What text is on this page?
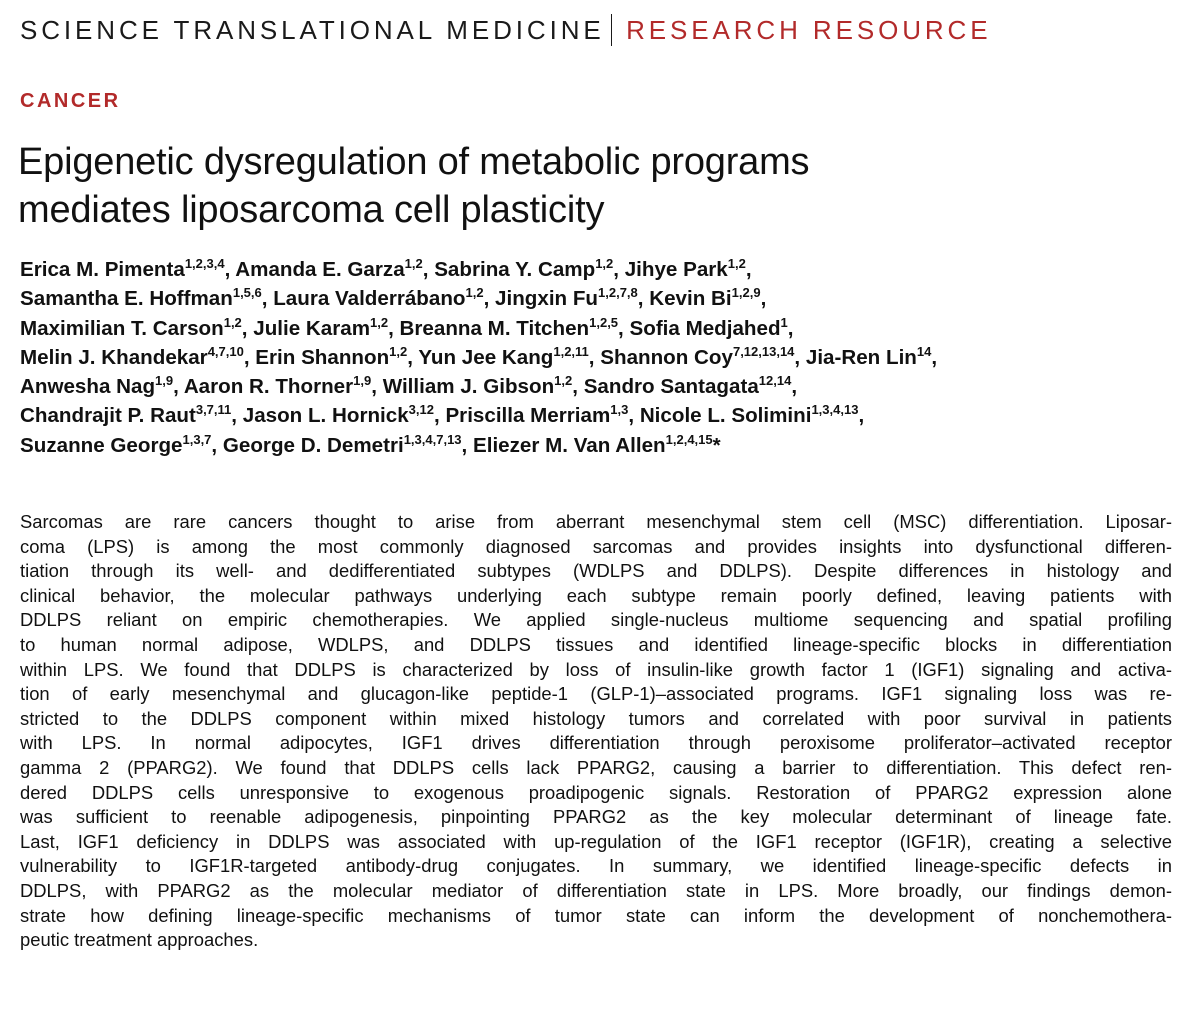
SCIENCE TRANSLATIONAL MEDICINE RESEARCH RESOURCE
CANCER
Epigenetic dysregulation of metabolic programs
mediates liposarcoma cell plasticity
Erica M. Pimenta$^{1,2,3,4}$, Amanda E. Garza$^{1,2}$, Sabrina Y. Camp$^{1,2}$, Jihye Park$^{1,2}$,
Samantha E. Hoffman$^{1,5,6}$, Laura Valderrábano$^{1,2}$, Jingxin Fu$^{1,2,7,8}$, Kevin Bi$^{1,2,9}$,
Maximilian T. Carson$^{1,2}$, Julie Karam$^{1,2}$, Breanna M. Titchen$^{1,2,5}$, Sofia Medjahed$^1$,
Melin J. Khandekar$^{4,7,10}$, Erin Shannon$^{1,2}$, Yun Jee Kang$^{1,2,11}$, Shannon Coy$^{7,12,13,14}$, Jia-Ren Lin$^{14}$,
Anwesha Nag$^{1,9}$, Aaron R. Thorner$^{1,9}$, William J. Gibson$^{1,2}$, Sandro Santagata$^{12,14}$,
Chandrajit P. Raut$^{3,7,11}$, Jason L. Hornick$^{3,12}$, Priscilla Merriam$^{1,3}$, Nicole L. Solimini$^{1,3,4,13}$,
Suzanne George$^{1,3,7}$, George D. Demetri$^{1,3,4,7,13}$, Eliezer M. Van Allen$^{1,2,4,15}$*
Sarcomas are rare cancers thought to arise from aberrant mesenchymal stem cell (MSC) differentiation. Liposar-
coma (LPS) is among the most commonly diagnosed sarcomas and provides insights into dysfunctional differen-
tiation through its well- and dedifferentiated subtypes (WDLPS and DDLPS). Despite differences in histology and
clinical behavior, the molecular pathways underlying each subtype remain poorly defined, leaving patients with
DDLPS reliant on empiric chemotherapies. We applied single-nucleus multiome sequencing and spatial profiling
to human normal adipose, WDLPS, and DDLPS tissues and identified lineage-specific blocks in differentiation
within LPS. We found that DDLPS is characterized by loss of insulin-like growth factor 1 (IGF1) signaling and activa-
tion of early mesenchymal and glucagon-like peptide-1 (GLP-1)–associated programs. IGF1 signaling loss was re-
stricted to the DDLPS component within mixed histology tumors and correlated with poor survival in patients
with LPS. In normal adipocytes, IGF1 drives differentiation through peroxisome proliferator–activated receptor
gamma 2 (PPARG2). We found that DDLPS cells lack PPARG2, causing a barrier to differentiation. This defect ren-
dered DDLPS cells unresponsive to exogenous proadipogenic signals. Restoration of PPARG2 expression alone
was sufficient to reenable adipogenesis, pinpointing PPARG2 as the key molecular determinant of lineage fate.
Last, IGF1 deficiency in DDLPS was associated with up-regulation of the IGF1 receptor (IGF1R), creating a selective
vulnerability to IGF1R-targeted antibody-drug conjugates. In summary, we identified lineage-specific defects in
DDLPS, with PPARG2 as the molecular mediator of differentiation state in LPS. More broadly, our findings demon-
strate how defining lineage-specific mechanisms of tumor state can inform the development of nonchemothera-
peutic treatment approaches.
